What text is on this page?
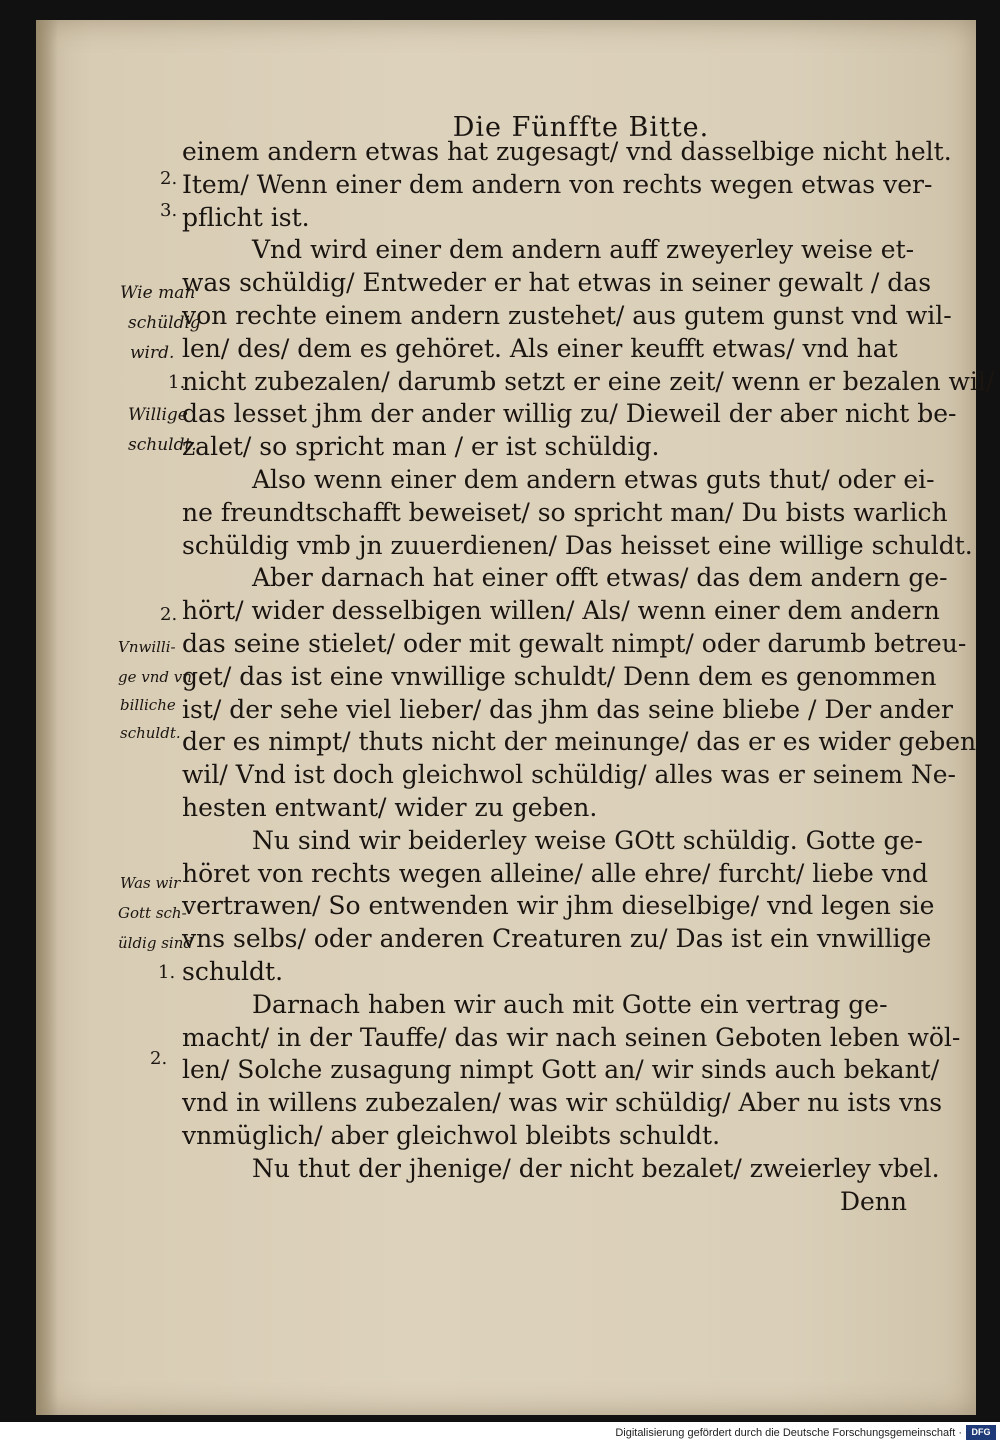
Die Fünffte Bitte.
einem andern etwas hat zugesagt/ vnd dasselbige nicht helt.
Item/ Wenn einer dem andern von rechts wegen etwas ver-
pflicht ist.
Vnd wird einer dem andern auff zweyerley weise et-
was schüldig/ Entweder er hat etwas in seiner gewalt / das
von rechte einem andern zustehet/ aus gutem gunst vnd wil-
len/ des/ dem es gehöret. Als einer keufft etwas/ vnd hat
nicht zubezalen/ darumb setzt er eine zeit/ wenn er bezalen wil/
das lesset jhm der ander willig zu/ Dieweil der aber nicht be-
zalet/ so spricht man / er ist schüldig.
Also wenn einer dem andern etwas guts thut/ oder ei-
ne freundtschafft beweiset/ so spricht man/ Du bists warlich
schüldig vmb jn zuuerdienen/ Das heisset eine willige schuldt.
Aber darnach hat einer offt etwas/ das dem andern ge-
hört/ wider desselbigen willen/ Als/ wenn einer dem andern
das seine stielet/ oder mit gewalt nimpt/ oder darumb betreu-
get/ das ist eine vnwillige schuldt/ Denn dem es genommen
ist/ der sehe viel lieber/ das jhm das seine bliebe / Der ander
der es nimpt/ thuts nicht der meinunge/ das er es wider geben
wil/ Vnd ist doch gleichwol schüldig/ alles was er seinem Ne-
hesten entwant/ wider zu geben.
Nu sind wir beiderley weise GOtt schüldig. Gotte ge-
höret von rechts wegen alleine/ alle ehre/ furcht/ liebe vnd
vertrawen/ So entwenden wir jhm dieselbige/ vnd legen sie
vns selbs/ oder anderen Creaturen zu/ Das ist ein vnwillige
schuldt.
Darnach haben wir auch mit Gotte ein vertrag ge-
macht/ in der Tauffe/ das wir nach seinen Geboten leben wöl-
len/ Solche zusagung nimpt Gott an/ wir sinds auch bekant/
vnd in willens zubezalen/ was wir schüldig/ Aber nu ists vns
vnmüglich/ aber gleichwol bleibts schuldt.
Nu thut der jhenige/ der nicht bezalet/ zweierley vbel.
Denn
2.
3.
Wie man
schüldig
wird.
1.
Willige
schuldt.
2.
Vnwilli-
ge vnd vn
billiche
schuldt.
Was wir
Gott sch-
üldig sind
1.
2.
Digitalisierung gefördert durch die Deutsche Forschungsgemeinschaft ·	DFG
